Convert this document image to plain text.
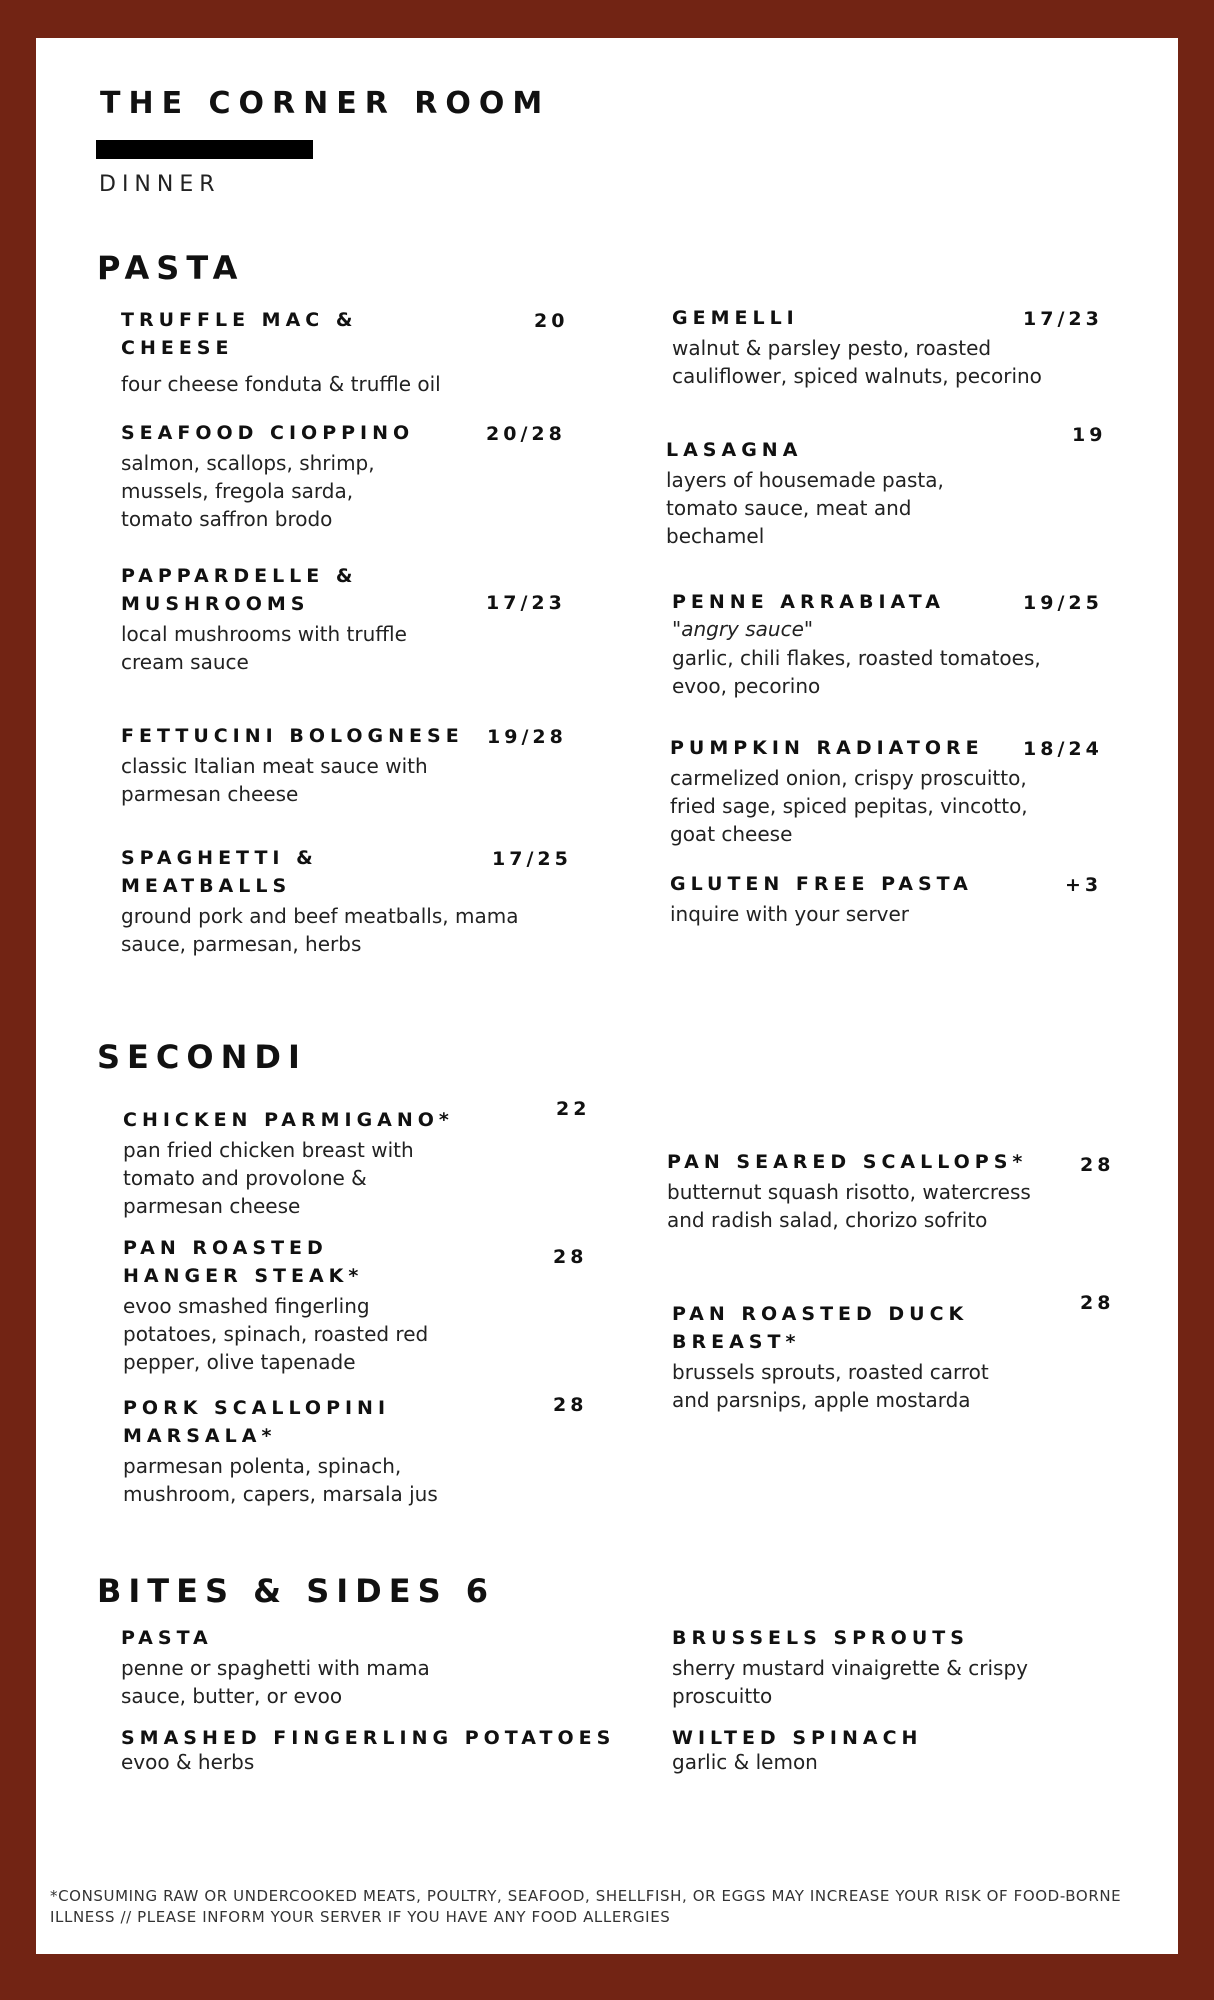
THE CORNER ROOM
DINNER
PASTA
TRUFFLE MAC & CHEESE
four cheese fonduta & truffle oil
20
SEAFOOD CIOPPINO
salmon, scallops, shrimp, mussels, fregola sarda, tomato saffron brodo
20/28
PAPPARDELLE & MUSHROOMS
local mushrooms with truffle cream sauce
17/23
FETTUCINI BOLOGNESE
classic Italian meat sauce with parmesan cheese
19/28
SPAGHETTI & MEATBALLS
ground pork and beef meatballs, mama sauce, parmesan, herbs
17/25
GEMELLI
walnut & parsley pesto, roasted cauliflower, spiced walnuts, pecorino
17/23
LASAGNA
layers of housemade pasta, tomato sauce, meat and bechamel
19
PENNE ARRABIATA
"angry sauce"
garlic, chili flakes, roasted tomatoes, evoo, pecorino
19/25
PUMPKIN RADIATORE
carmelized onion, crispy proscuitto, fried sage, spiced pepitas, vincotto, goat cheese
18/24
GLUTEN FREE PASTA
inquire with your server
+3
SECONDI
CHICKEN PARMIGANO*
pan fried chicken breast with tomato and provolone & parmesan cheese
22
PAN ROASTED HANGER STEAK*
evoo smashed fingerling potatoes, spinach, roasted red pepper, olive tapenade
28
PORK SCALLOPINI MARSALA*
parmesan polenta, spinach, mushroom, capers, marsala jus
28
PAN SEARED SCALLOPS*
butternut squash risotto, watercress and radish salad, chorizo sofrito
28
PAN ROASTED DUCK BREAST*
brussels sprouts, roasted carrot and parsnips, apple mostarda
28
BITES & SIDES 6
PASTA
penne or spaghetti with mama sauce, butter, or evoo
SMASHED FINGERLING POTATOES
evoo & herbs
BRUSSELS SPROUTS
sherry mustard vinaigrette & crispy proscuitto
WILTED SPINACH
garlic & lemon
*CONSUMING RAW OR UNDERCOOKED MEATS, POULTRY, SEAFOOD, SHELLFISH, OR EGGS MAY INCREASE YOUR RISK OF FOOD-BORNE ILLNESS // PLEASE INFORM YOUR SERVER IF YOU HAVE ANY FOOD ALLERGIES
